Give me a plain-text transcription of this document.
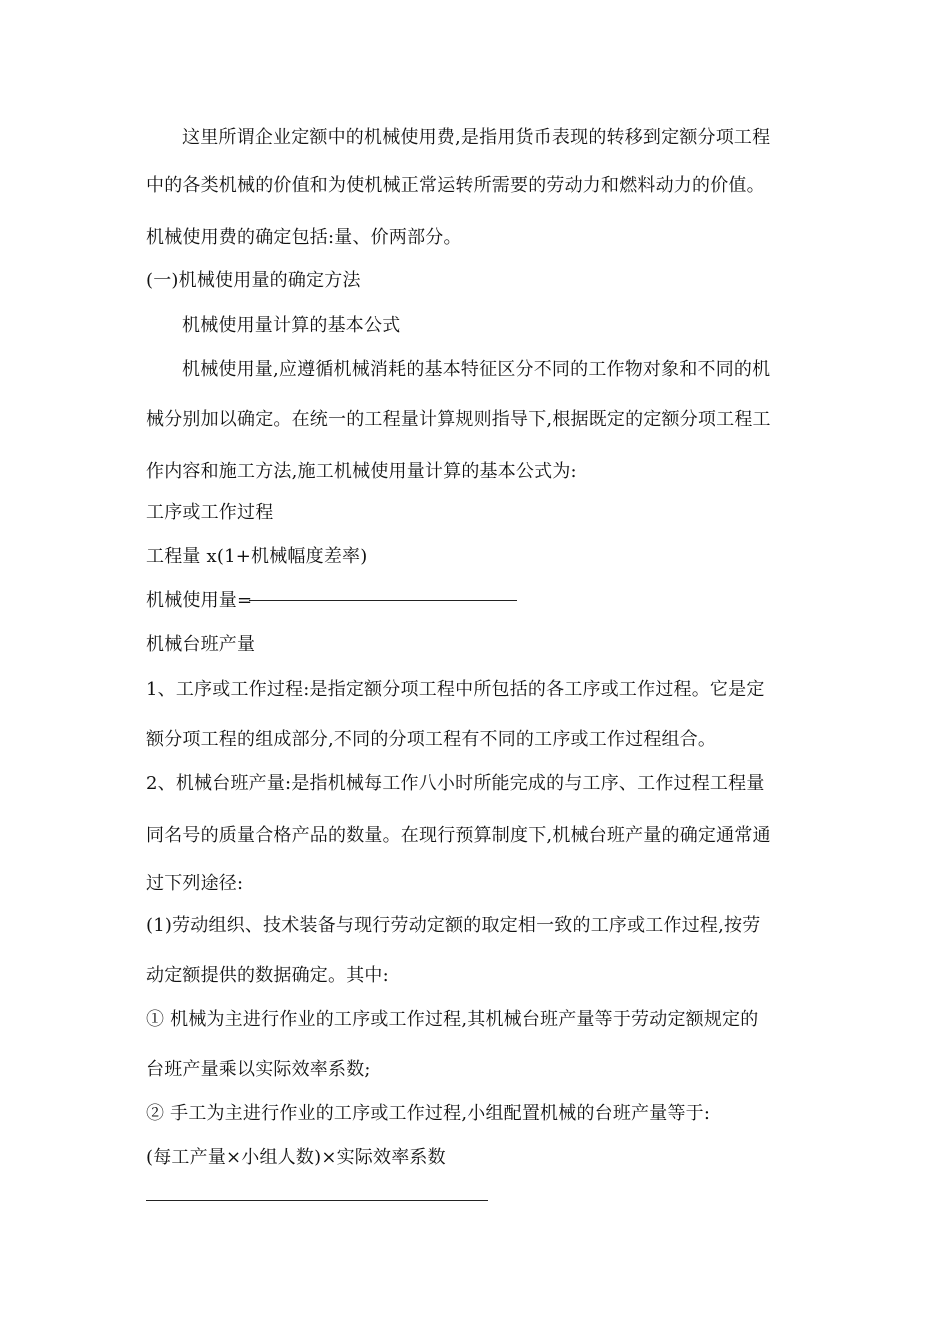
这里所谓企业定额中的机械使用费,是指用货币表现的转移到定额分项工程
中的各类机械的价值和为使机械正常运转所需要的劳动力和燃料动力的价值。
机械使用费的确定包括:量、价两部分。
(一)机械使用量的确定方法
机械使用量计算的基本公式
机械使用量,应遵循机械消耗的基本特征区分不同的工作物对象和不同的机
械分别加以确定。在统一的工程量计算规则指导下,根据既定的定额分项工程工
作内容和施工方法,施工机械使用量计算的基本公式为:
工序或工作过程
工程量 x(1+机械幅度差率)
机械使用量=
机械台班产量
1、工序或工作过程:是指定额分项工程中所包括的各工序或工作过程。它是定
额分项工程的组成部分,不同的分项工程有不同的工序或工作过程组合。
2、机械台班产量:是指机械每工作八小时所能完成的与工序、工作过程工程量
同名号的质量合格产品的数量。在现行预算制度下,机械台班产量的确定通常通
过下列途径:
(1)劳动组织、技术装备与现行劳动定额的取定相一致的工序或工作过程,按劳
动定额提供的数据确定。其中:
① 机械为主进行作业的工序或工作过程,其机械台班产量等于劳动定额规定的
台班产量乘以实际效率系数;
② 手工为主进行作业的工序或工作过程,小组配置机械的台班产量等于:
(每工产量×小组人数)×实际效率系数
